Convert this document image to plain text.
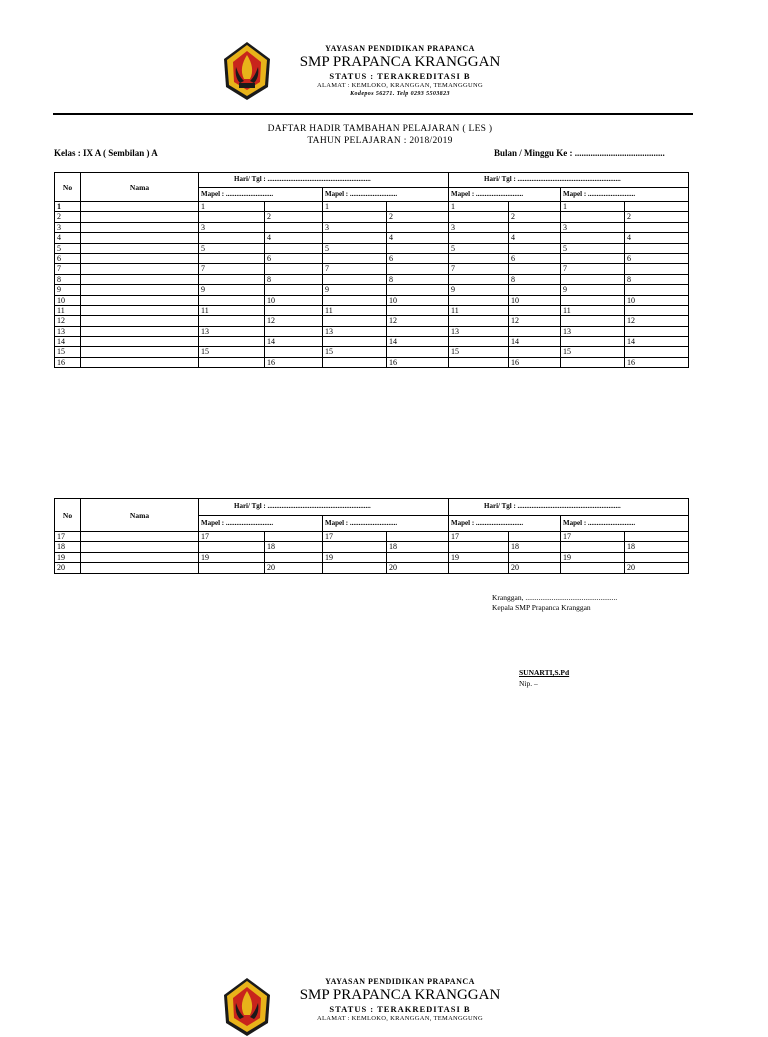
YAYASAN PENDIDIKAN PRAPANCA
SMP PRAPANCA KRANGGAN
STATUS : TERAKREDITASI B
ALAMAT : KEMLOKO, KRANGGAN, TEMANGGUNG
Kodepos 56271. Telp 0293 5503823
DAFTAR HADIR TAMBAHAN PELAJARAN ( LES )
TAHUN PELAJARAN : 2018/2019
Kelas : IX A ( Sembilan ) A	Bulan / Minggu Ke : ........................................
No	Nama	Hari/ Tgl : ...........................................................				Hari/ Tgl : ...........................................................			
		Mapel : ...........................		Mapel : ...........................		Mapel : ...........................		Mapel : ...........................	
1		1		1		1		1	
2			2		2		2		2
3		3		3		3		3	
4			4		4		4		4
5		5		5		5		5	
6			6		6		6		6
7		7		7		7		7	
8			8		8		8		8
9		9		9		9		9	
10			10		10		10		10
11		11		11		11		11	
12			12		12		12		12
13		13		13		13		13	
14			14		14		14		14
15		15		15		15		15	
16			16		16		16		16
No	Nama	Hari/ Tgl : ...........................................................				Hari/ Tgl : ...........................................................			
		Mapel : ...........................		Mapel : ...........................		Mapel : ...........................		Mapel : ...........................	
17		17		17		17		17	
18			18		18		18		18
19		19		19		19		19	
20			20		20		20		20
Kranggan, .................................................
Kepala SMP Prapanca Kranggan
SUNARTI,S.Pd
Nip. –
YAYASAN PENDIDIKAN PRAPANCA
SMP PRAPANCA KRANGGAN
STATUS : TERAKREDITASI B
ALAMAT : KEMLOKO, KRANGGAN, TEMANGGUNG
